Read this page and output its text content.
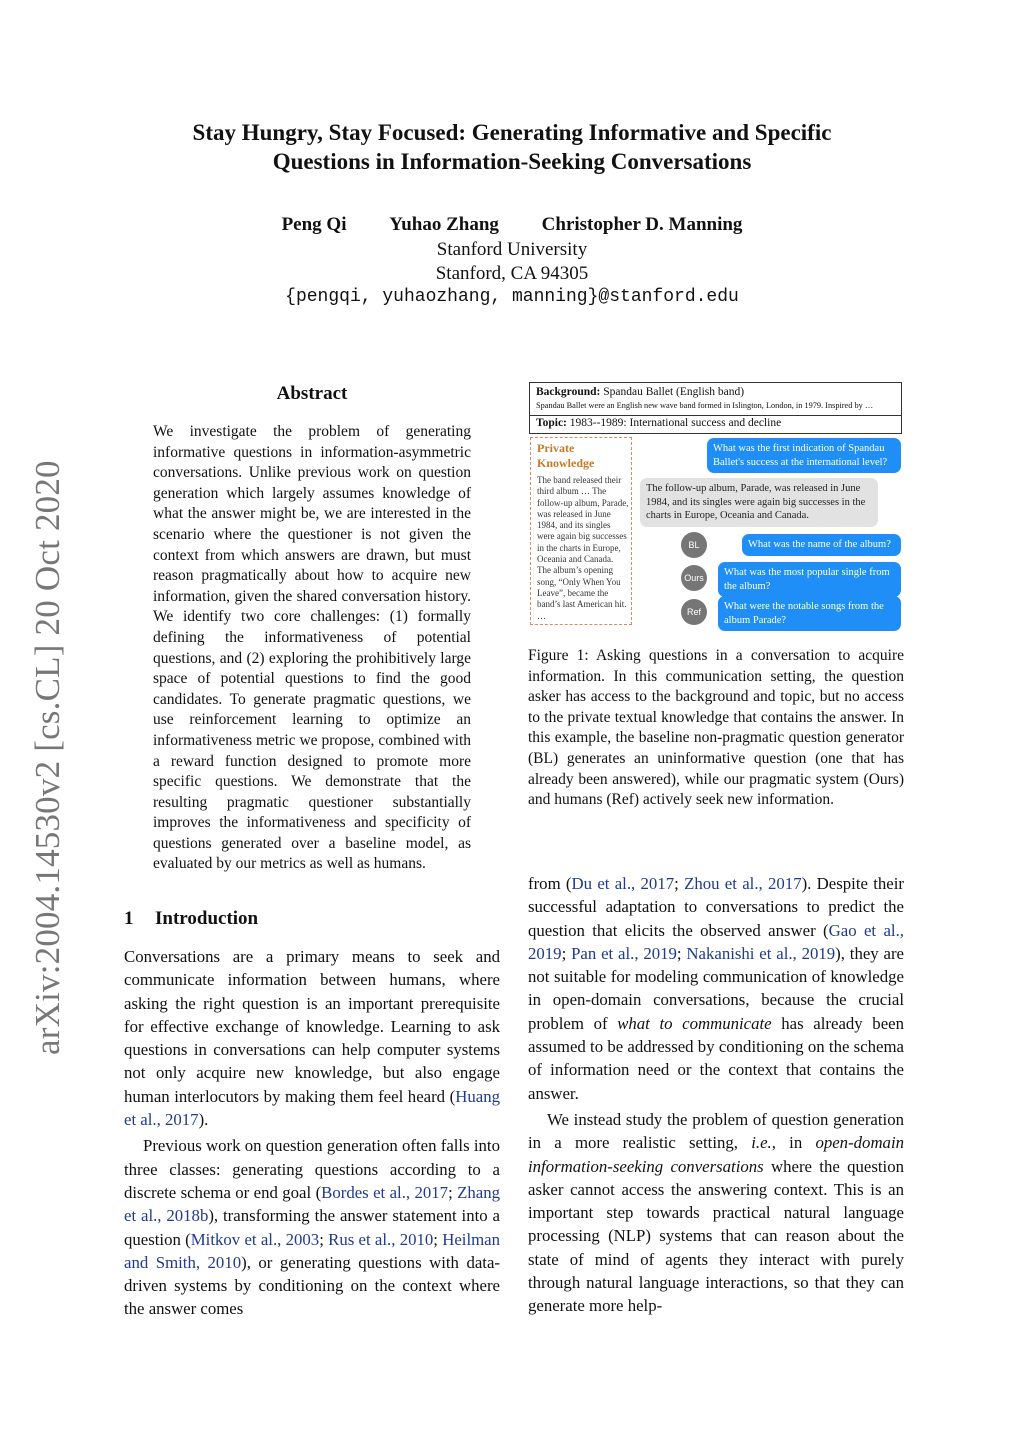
Stay Hungry, Stay Focused: Generating Informative and Specific
Questions in Information-Seeking Conversations
Peng Qi Yuhao Zhang Christopher D. Manning
Stanford University
Stanford, CA 94305
{pengqi, yuhaozhang, manning}@stanford.edu
arXiv:2004.14530v2 [cs.CL] 20 Oct 2020
Abstract

We investigate the problem of generating informative questions in information-asymmetric conversations. Unlike previous work on question generation which largely assumes knowledge of what the answer might be, we are interested in the scenario where the questioner is not given the context from which answers are drawn, but must reason pragmatically about how to acquire new information, given the shared conversation history. We identify two core challenges: (1) formally defining the informativeness of potential questions, and (2) exploring the prohibitively large space of potential questions to find the good candidates. To generate pragmatic questions, we use reinforcement learning to optimize an informativeness metric we propose, combined with a reward function designed to promote more specific questions. We demonstrate that the resulting pragmatic questioner substantially improves the informativeness and specificity of questions generated over a baseline model, as evaluated by our metrics as well as humans.

1 Introduction

Conversations are a primary means to seek and communicate information between humans, where asking the right question is an important prerequisite for effective exchange of knowledge. Learning to ask questions in conversations can help computer systems not only acquire new knowledge, but also engage human interlocutors by making them feel heard (Huang et al., 2017).

Previous work on question generation often falls into three classes: generating questions according to a discrete schema or end goal (Bordes et al., 2017; Zhang et al., 2018b), transforming the answer statement into a question (Mitkov et al., 2003; Rus et al., 2010; Heilman and Smith, 2010), or generating questions with data-driven systems by conditioning on the context where the answer comes

Background: Spandau Ballet (English band)
Spandau Ballet were an English new wave band formed in Islington, London, in 1979. Inspired by …
Topic: 1983--1989: International success and decline
Private Knowledge
The band released their third album … The follow-up album, Parade, was released in June 1984, and its singles were again big successes in the charts in Europe, Oceania and Canada. The album’s opening song, “Only When You Leave”, became the band’s last American hit. …
What was the first indication of Spandau Ballet's success at the international level?
The follow-up album, Parade, was released in June 1984, and its singles were again big successes in the charts in Europe, Oceania and Canada.
BL	What was the name of the album?
Ours	What was the most popular single from the album?
Ref	What were the notable songs from the album Parade?

Figure 1: Asking questions in a conversation to acquire information. In this communication setting, the question asker has access to the background and topic, but no access to the private textual knowledge that contains the answer. In this example, the baseline non-pragmatic question generator (BL) generates an uninformative question (one that has already been answered), while our pragmatic system (Ours) and humans (Ref) actively seek new information.

from (Du et al., 2017; Zhou et al., 2017). Despite their successful adaptation to conversations to predict the question that elicits the observed answer (Gao et al., 2019; Pan et al., 2019; Nakanishi et al., 2019), they are not suitable for modeling communication of knowledge in open-domain conversations, because the crucial problem of what to communicate has already been assumed to be addressed by conditioning on the schema of information need or the context that contains the answer.

We instead study the problem of question generation in a more realistic setting, i.e., in open-domain information-seeking conversations where the question asker cannot access the answering context. This is an important step towards practical natural language processing (NLP) systems that can reason about the state of mind of agents they interact with purely through natural language interactions, so that they can generate more help-
